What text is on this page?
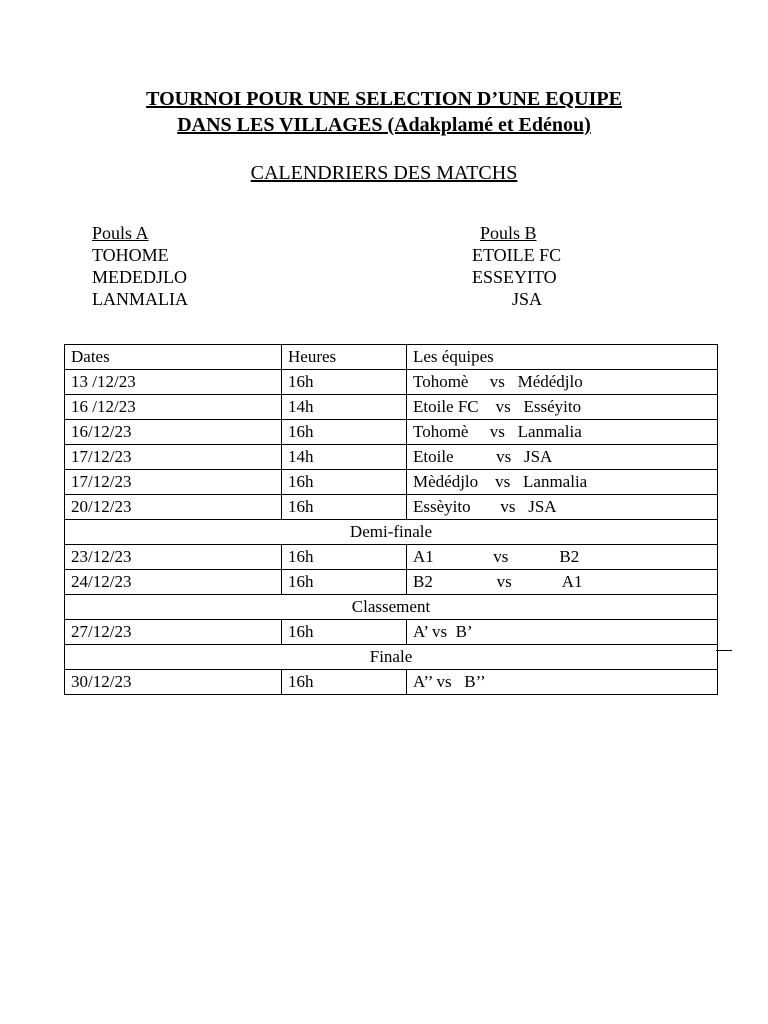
TOURNOI POUR UNE SELECTION D’UNE EQUIPE
DANS LES VILLAGES (Adakplamé et Edénou)
CALENDRIERS DES MATCHS
Pouls A
TOHOME
MEDEDJLO
LANMALIA
Pouls B
ETOILE FC
ESSEYITO
JSA
Dates	Heures	Les équipes
13 /12/23	16h	Tohomè     vs   Médédjlo
16 /12/23	14h	Etoile FC    vs   Esséyito
16/12/23	16h	Tohomè     vs   Lanmalia
17/12/23	14h	Etoile          vs   JSA
17/12/23	16h	Mèdédjlo    vs   Lanmalia
20/12/23	16h	Essèyito       vs   JSA
Demi-finale		
23/12/23	16h	A1              vs            B2
24/12/23	16h	B2               vs            A1
Classement		
27/12/23	16h	A’ vs  B’
Finale		
30/12/23	16h	A’’ vs   B’’
